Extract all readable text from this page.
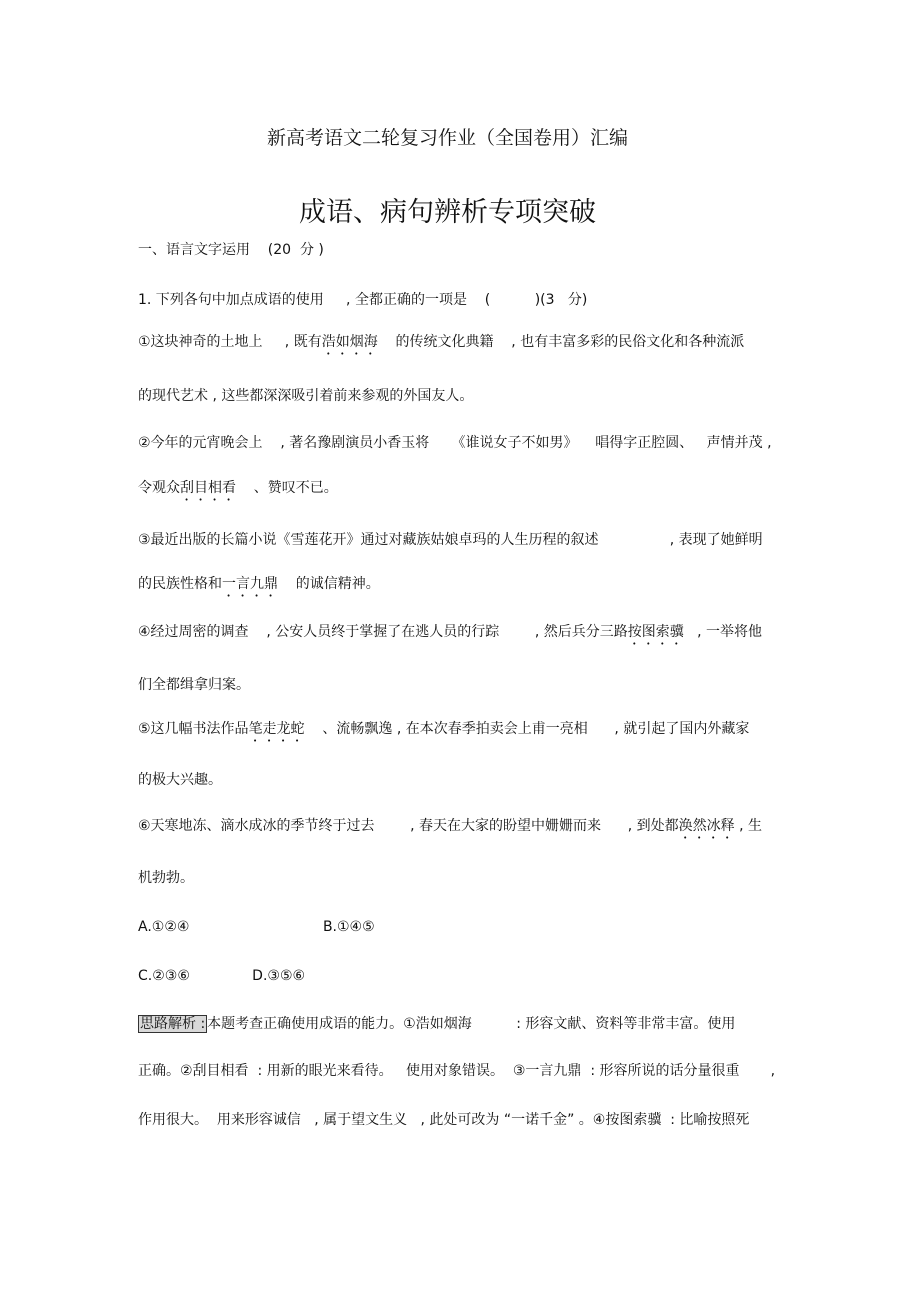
新高考语文二轮复习作业（全国卷用）汇编
成语、病句辨析专项突破
一、语言文字运用    (20  分 )
1. 下列各句中加点成语的使用     , 全都正确的一项是    (          )(3   分)
①这块神奇的土地上     , 既有浩如烟海    的传统文化典籍    , 也有丰富多彩的民俗文化和各种流派
的现代艺术 , 这些都深深吸引着前来参观的外国友人。
②今年的元宵晚会上    , 著名豫剧演员小香玉将     《谁说女子不如男》    唱得字正腔圆、   声情并茂 ,
令观众刮目相看    、赞叹不已。
③最近出版的长篇小说《雪莲花开》通过对藏族姑娘卓玛的人生历程的叙述                , 表现了她鲜明
的民族性格和一言九鼎    的诚信精神。
④经过周密的调查    , 公安人员终于掌握了在逃人员的行踪        , 然后兵分三路按图索骥   , 一举将他
们全都缉拿归案。
⑤这几幅书法作品笔走龙蛇    、流畅飘逸 , 在本次春季拍卖会上甫一亮相      , 就引起了国内外藏家
的极大兴趣。
⑥天寒地冻、滴水成冰的季节终于过去        , 春天在大家的盼望中姗姗而来      , 到处都涣然冰释 , 生
机勃勃。
A.①②④                              B.①④⑤
C.②③⑥              D.③⑤⑥
思路解析 : 本题考查正确使用成语的能力。①浩如烟海          : 形容文献、资料等非常丰富。使用
正确。②刮目相看  : 用新的眼光来看待。   使用对象错误。  ③一言九鼎  : 形容所说的话分量很重       ,
作用很大。  用来形容诚信   , 属于望文生义   , 此处可改为 “一诺千金” 。④按图索骥  : 比喻按照死
